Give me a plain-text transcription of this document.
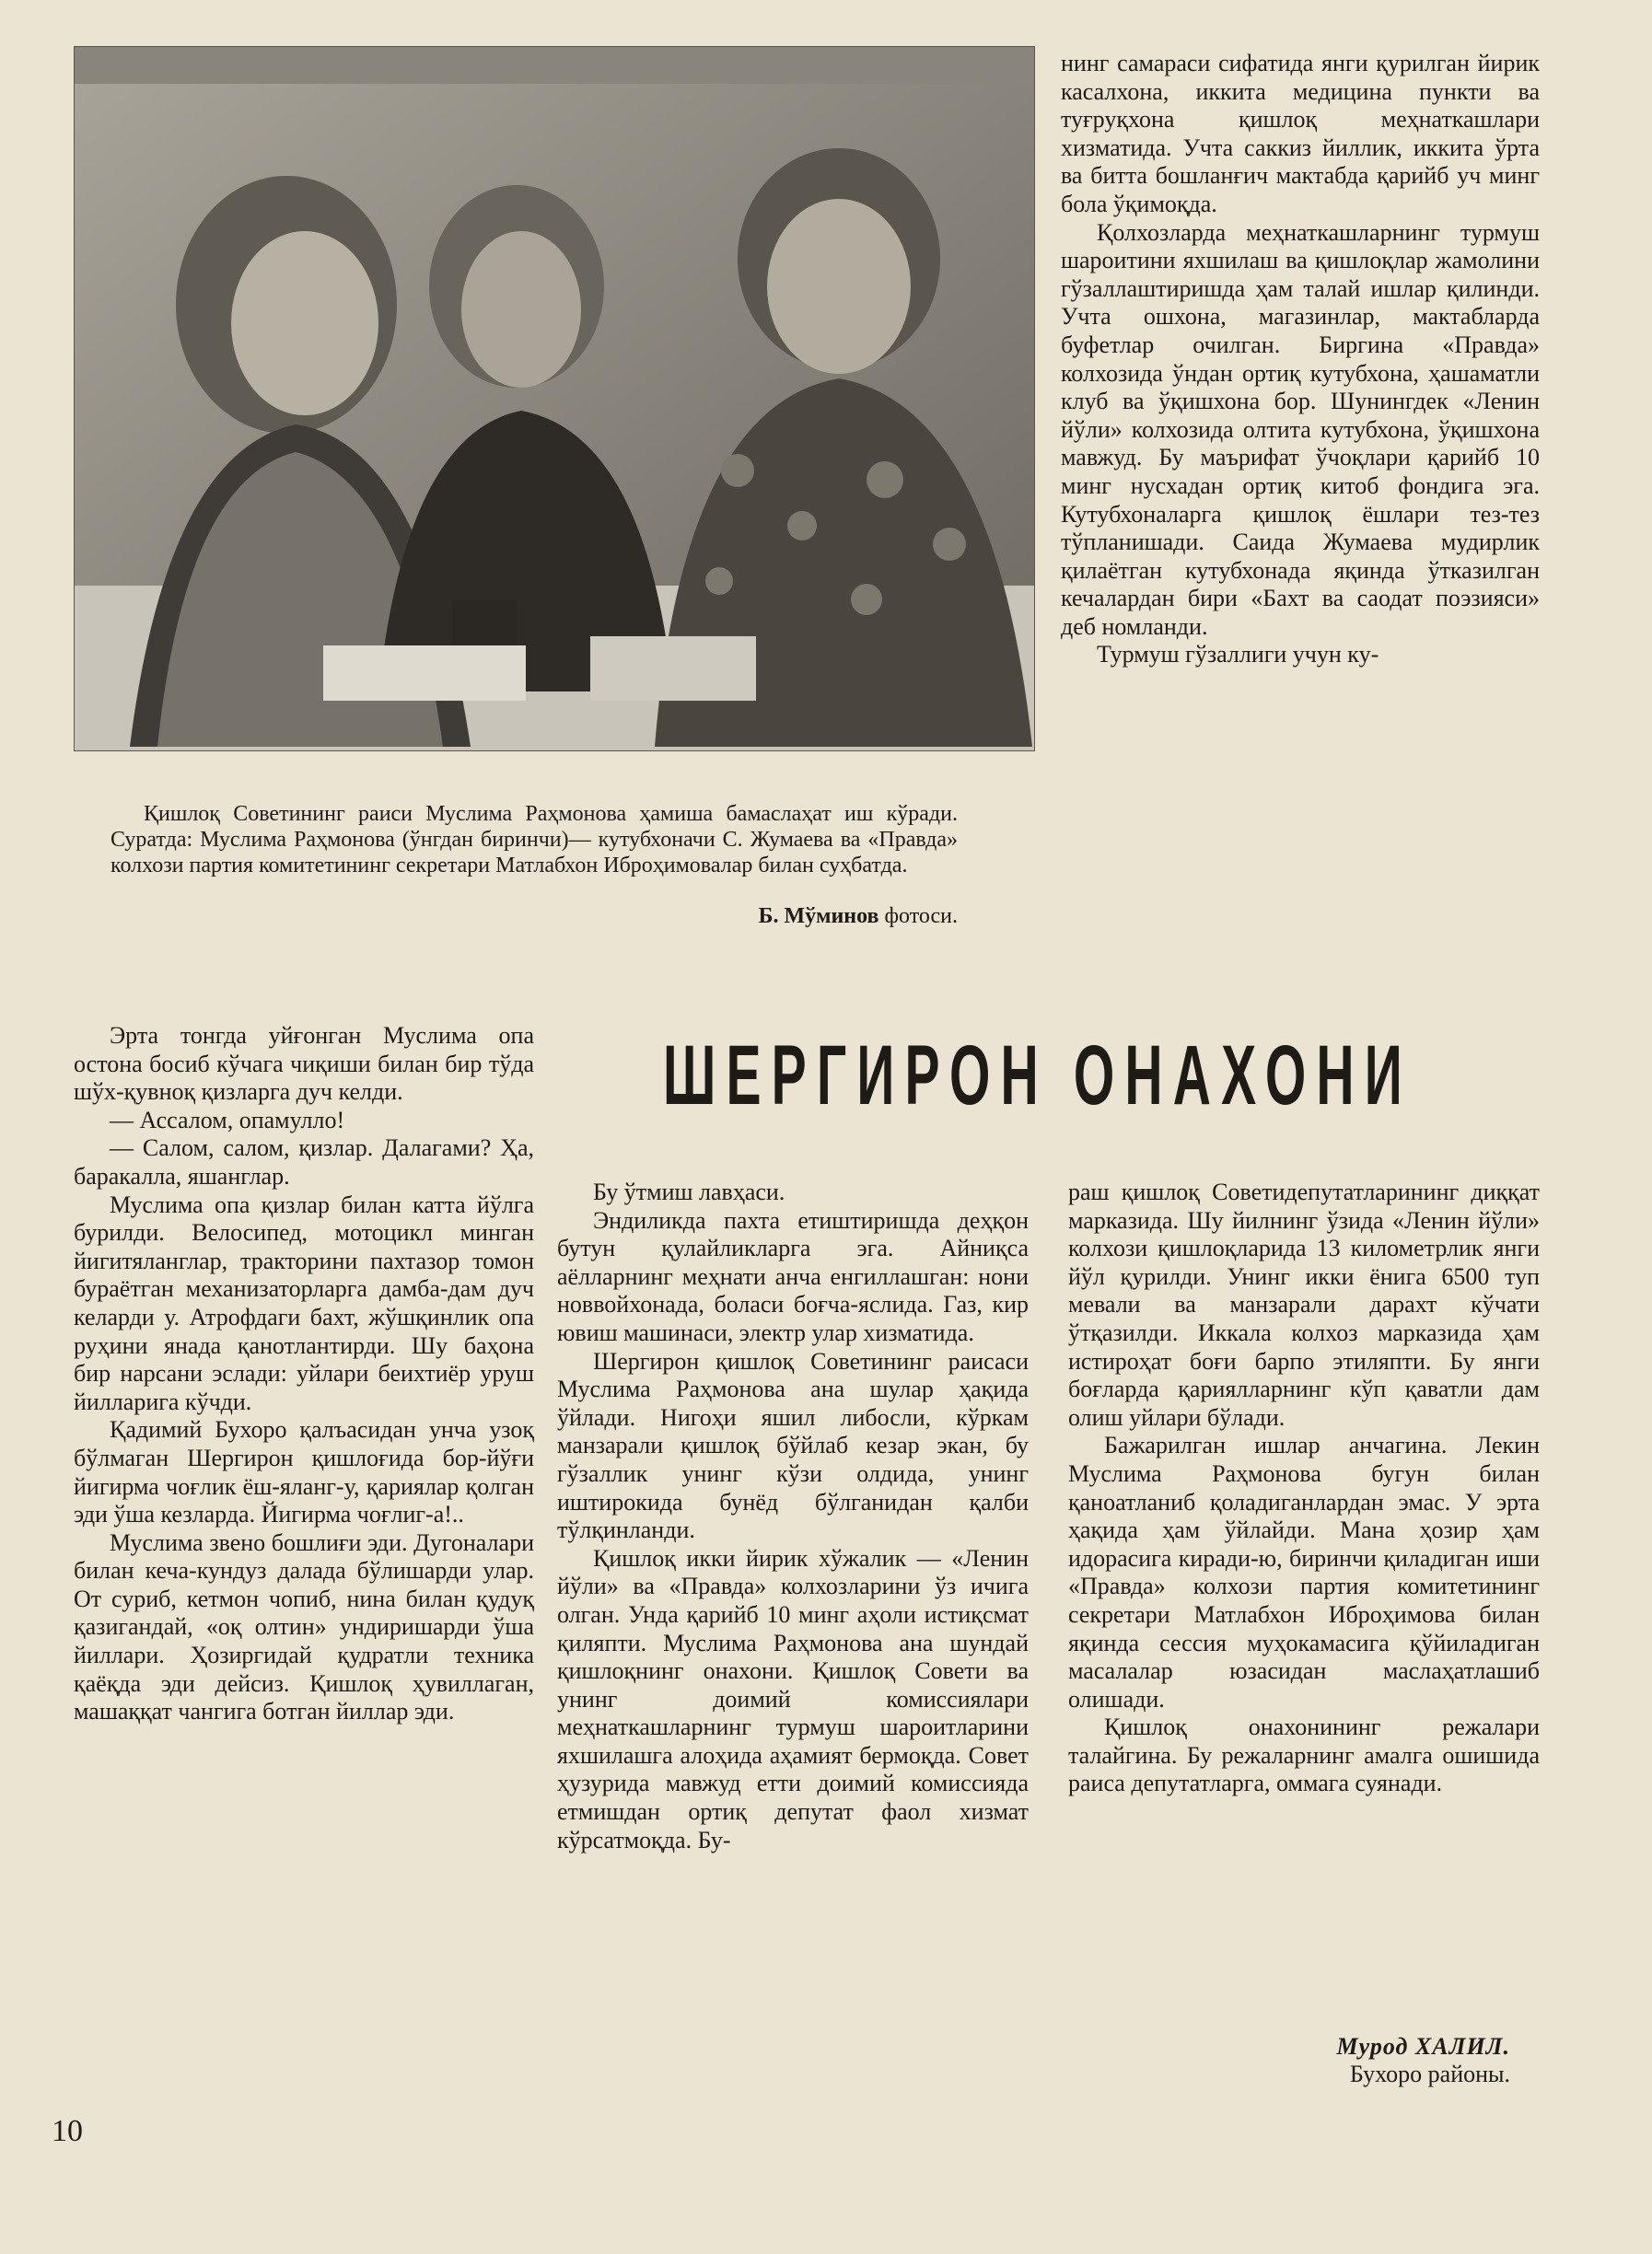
Қишлоқ Советининг раиси Муслима Раҳмонова ҳамиша бамаслаҳат иш кўради. Суратда: Муслима Раҳмонова (ўнгдан биринчи)— кутубхоначи С. Жумаева ва «Правда» колхози партия комитетининг секретари Матлабхон Иброҳимовалар билан суҳбатда.
Б. Мўминов фотоси.

нинг самараси сифатида янги қурилган йирик касалхона, иккита медицина пункти ва туғруқхона қишлоқ меҳнаткашлари хизматида. Учта саккиз йиллик, иккита ўрта ва битта бошланғич мактабда қарийб уч минг бола ўқимоқда.

Қолхозларда меҳнаткашларнинг турмуш шароитини яхшилаш ва қишлоқлар жамолини гўзаллаштиришда ҳам талай ишлар қилинди. Учта ошхона, магазинлар, мактабларда буфетлар очилган. Биргина «Правда» колхозида ўндан ортиқ кутубхона, ҳашаматли клуб ва ўқишхона бор. Шунингдек «Ленин йўли» колхозида олтита кутубхона, ўқишхона мавжуд. Бу маърифат ўчоқлари қарийб 10 минг нусхадан ортиқ китоб фондига эга. Кутубхоналарга қишлоқ ёшлари тез-тез тўпланишади. Саида Жумаева мудирлик қилаётган кутубхонада яқинда ўтказилган кечалардан бири «Бахт ва саодат поэзияси» деб номланди.

Турмуш гўзаллиги учун ку-

ШЕРГИРОН ОНАХОНИ

Эрта тонгда уйғонган Муслима опа остона босиб кўчага чиқиши билан бир тўда шўх-қувноқ қизларга дуч келди.

— Ассалом, опамулло!

— Салом, салом, қизлар. Далагами? Ҳа, баракалла, яшанглар.

Муслима опа қизлар билан катта йўлга бурилди. Велосипед, мотоцикл минган йигитяланглар, тракторини пахтазор томон бураётган механизаторларга дамба-дам дуч келарди у. Атрофдаги бахт, жўшқинлик опа руҳини янада қанотлантирди. Шу баҳона бир нарсани эслади: уйлари беихтиёр уруш йилларига кўчди.

Қадимий Бухоро қалъасидан унча узоқ бўлмаган Шергирон қишлоғида бор-йўғи йигирма чоғлик ёш-яланг-у, қариялар қолган эди ўша кезларда. Йигирма чоғлиг-а!..

Муслима звено бошлиғи эди. Дугоналари билан кеча-кундуз далада бўлишарди улар. От суриб, кетмон чопиб, нина билан қудуқ қазигандай, «оқ олтин» ундиришарди ўша йиллари. Ҳозиргидай қудратли техника қаёқда эди дейсиз. Қишлоқ ҳувиллаган, машаққат чангига ботган йиллар эди.

Бу ўтмиш лавҳаси.

Эндиликда пахта етиштиришда деҳқон бутун қулайликларга эга. Айниқса аёлларнинг меҳнати анча енгиллашган: нони новвойхонада, боласи боғча-яслида. Газ, кир ювиш машинаси, электр улар хизматида.

Шергирон қишлоқ Советининг раисаси Муслима Раҳмонова ана шулар ҳақида ўйлади. Нигоҳи яшил либосли, кўркам манзарали қишлоқ бўйлаб кезар экан, бу гўзаллик унинг кўзи олдида, унинг иштирокида бунёд бўлганидан қалби тўлқинланди.

Қишлоқ икки йирик хўжалик — «Ленин йўли» ва «Правда» колхозларини ўз ичига олган. Унда қарийб 10 минг аҳоли истиқсмат қиляпти. Муслима Раҳмонова ана шундай қишлоқнинг онахони. Қишлоқ Совети ва унинг доимий комиссиялари меҳнаткашларнинг турмуш шароитларини яхшилашга алоҳида аҳамият бермоқда. Совет ҳузурида мавжуд етти доимий комиссияда етмишдан ортиқ депутат фаол хизмат кўрсатмоқда. Бу-

раш қишлоқ Советидепутатларининг диққат марказида. Шу йилнинг ўзида «Ленин йўли» колхози қишлоқларида 13 километрлик янги йўл қурилди. Унинг икки ёнига 6500 туп мевали ва манзарали дарахт кўчати ўтқазилди. Иккала колхоз марказида ҳам истироҳат боғи барпо этиляпти. Бу янги боғларда қариялларнинг кўп қаватли дам олиш уйлари бўлади.

Бажарилган ишлар анчагина. Лекин Муслима Раҳмонова бугун билан қаноатланиб қоладиганлардан эмас. У эрта ҳақида ҳам ўйлайди. Мана ҳозир ҳам идорасига киради-ю, биринчи қиладиган иши «Правда» колхози партия комитетининг секретари Матлабхон Иброҳимова билан яқинда сессия муҳокамасига қўйиладиган масалалар юзасидан маслаҳатлашиб олишади.

Қишлоқ онахонининг режалари талайгина. Бу режаларнинг амалга ошишида раиса депутатларга, оммага суянади.

Мурод ХАЛИЛ.
Бухоро районы.
10
